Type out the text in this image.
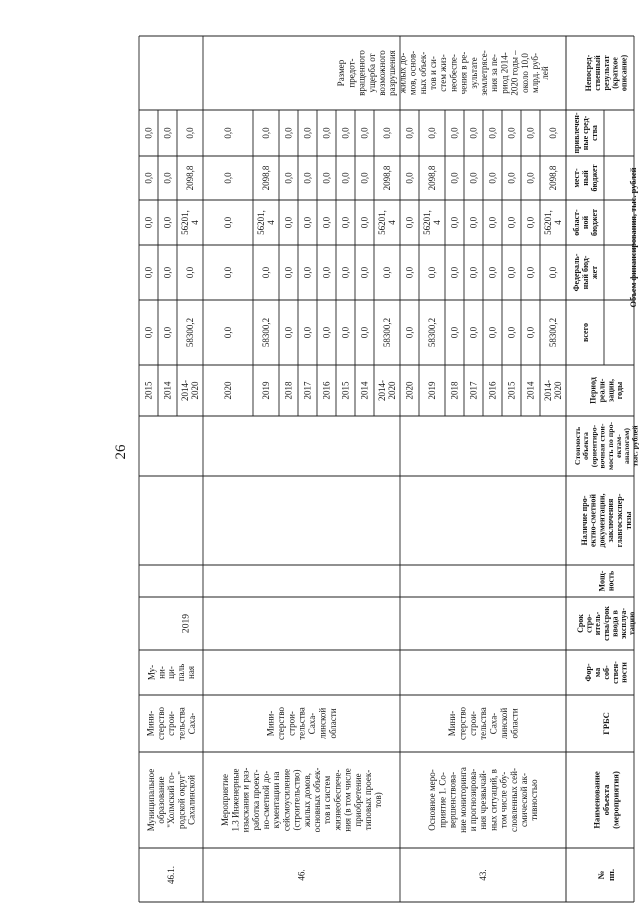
№ пп.
Наименование объекта (мероприятия)
ГРБС
Фор- ма соб- ствен- ности
Срок стро- итель- ства/срок ввода в эксплуа- тацию
Мощ- ность
Наличие про- ектно-сметной документации, заключения главгосэкспер- тизы
Стоимость объекта (ориентиро- вочная стои- мость по про- ектам- аналогам) тыс. рублей
Период реали- зации, годы
Объем финансирования, тыс. рублей
всего
Федераль- ный бюд- жет
област- ной бюджет
мест- ный бюджет
привлечен- ные сред- ства
Непосред- ственный результат (краткое описание)
43.
Основное меро- приятие 1. Со- вершенствова- ние мониторинга и прогнозирова- ния чрезвычай- ных ситуаций, в том числе обу- словленных сей- смической ак- тивностью
Мини- стерство строи- тельства Саха- линской области
2014- 2020
58300,2
0,0
56201, 4
2098,8
0,0
2014
0,0
0,0
0,0
0,0
0,0
2015
0,0
0,0
0,0
0,0
0,0
2016
0,0
0,0
0,0
0,0
0,0
2017
0,0
0,0
0,0
0,0
0,0
2018
0,0
0,0
0,0
0,0
0,0
2019
58300,2
0,0
56201, 4
2098,8
0,0
2020
0,0
0,0
0,0
0,0
0,0
Размер предот- вращенного ущерба от возможного разрушения жилых до- мов, основ- ных объек- тов и си- стем жиз- необеспе- чения в ре- зультате землетрясе- ния за пе- риод 2014- 2020 годы – около 10,0 млрд. руб- лей
46.
Мероприятие 1.3 Инженерные изыскания и раз- работка проект- но-сметной до- кументации на сейсмоусиление (строительство) жилых домов, основных объек- тов и систем жизнеобеспече- ния (в том числе приобретение типовых проек- тов)
Мини- стерство строи- тельства Саха- линской области
2014- 2020
58300,2
0,0
56201, 4
2098,8
0,0
2014
0,0
0,0
0,0
0,0
0,0
2015
0,0
0,0
0,0
0,0
0,0
2016
0,0
0,0
0,0
0,0
0,0
2017
0,0
0,0
0,0
0,0
0,0
2018
0,0
0,0
0,0
0,0
0,0
2019
58300,2
0,0
56201, 4
2098,8
0,0
2020
0,0
0,0
0,0
0,0
0,0
46.1.
Муниципальное образование "Холмский го- родской округ" Сахалинской
Мини- стерство строи- тельства Саха-
Му- ни- ци- паль ная
2019
2014- 2020
58300,2
0,0
56201, 4
2098,8
0,0
2014
0,0
0,0
0,0
0,0
0,0
2015
0,0
0,0
0,0
0,0
0,0
26
